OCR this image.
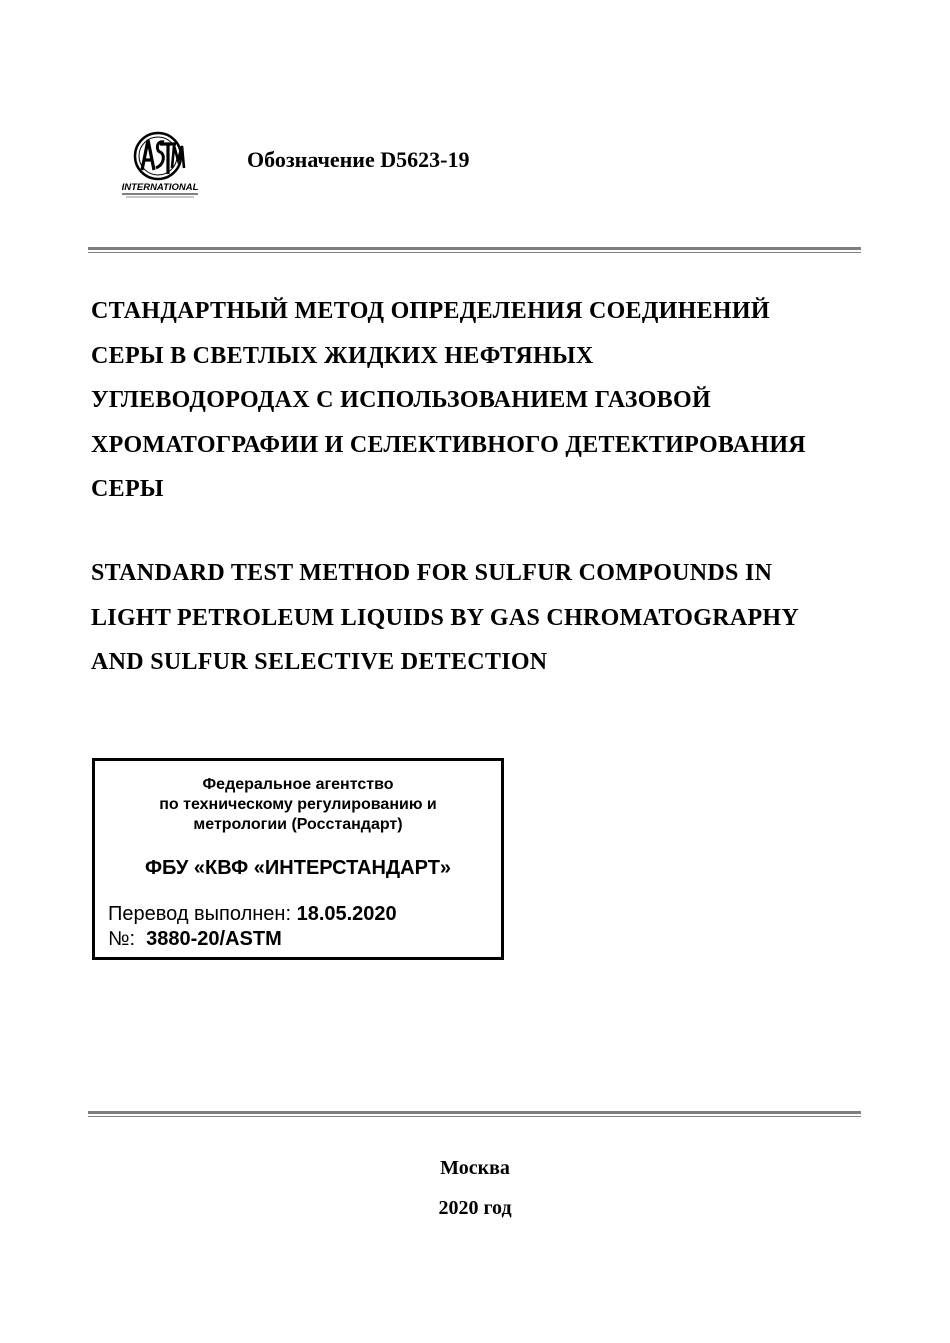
INTERNATIONAL
Обозначение D5623-19
СТАНДАРТНЫЙ МЕТОД ОПРЕДЕЛЕНИЯ СОЕДИНЕНИЙ
СЕРЫ В СВЕТЛЫХ ЖИДКИХ НЕФТЯНЫХ
УГЛЕВОДОРОДАХ С ИСПОЛЬЗОВАНИЕМ ГАЗОВОЙ
ХРОМАТОГРАФИИ И СЕЛЕКТИВНОГО ДЕТЕКТИРОВАНИЯ
СЕРЫ
STANDARD TEST METHOD FOR SULFUR COMPOUNDS IN
LIGHT PETROLEUM LIQUIDS BY GAS CHROMATOGRAPHY
AND SULFUR SELECTIVE DETECTION
Федеральное агентство
по техническому регулированию и
метрологии (Росстандарт)
ФБУ «КВФ «ИНТЕРСТАНДАРТ»
Перевод выполнен: 18.05.2020
№: 3880-20/ASTM
Москва
2020 год
